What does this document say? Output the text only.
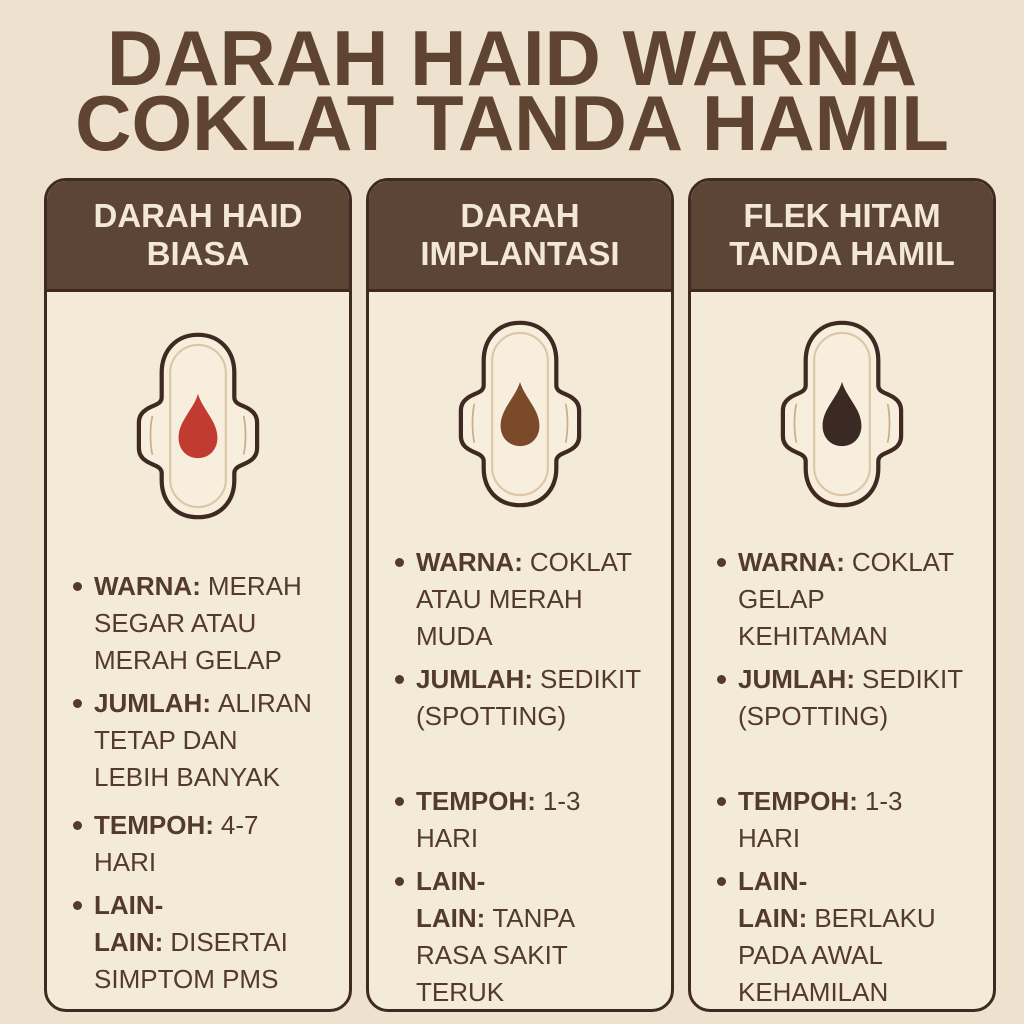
DARAH HAID WARNA
COKLAT TANDA HAMIL
DARAH HAID
BIASA
WARNA: MERAH SEGAR ATAU MERAH GELAP
JUMLAH: ALIRAN TETAP DAN LEBIH BANYAK
TEMPOH: 4-7 HARI
LAIN-LAIN: DISERTAI SIMPTOM PMS
DARAH
IMPLANTASI
WARNA: COKLAT ATAU MERAH MUDA
JUMLAH: SEDIKIT (SPOTTING)
TEMPOH: 1-3 HARI
LAIN-LAIN: TANPA RASA SAKIT TERUK
FLEK HITAM
TANDA HAMIL
WARNA: COKLAT GELAP KEHITAMAN
JUMLAH: SEDIKIT (SPOTTING)
TEMPOH: 1-3 HARI
LAIN-LAIN: BERLAKU PADA AWAL KEHAMILAN
